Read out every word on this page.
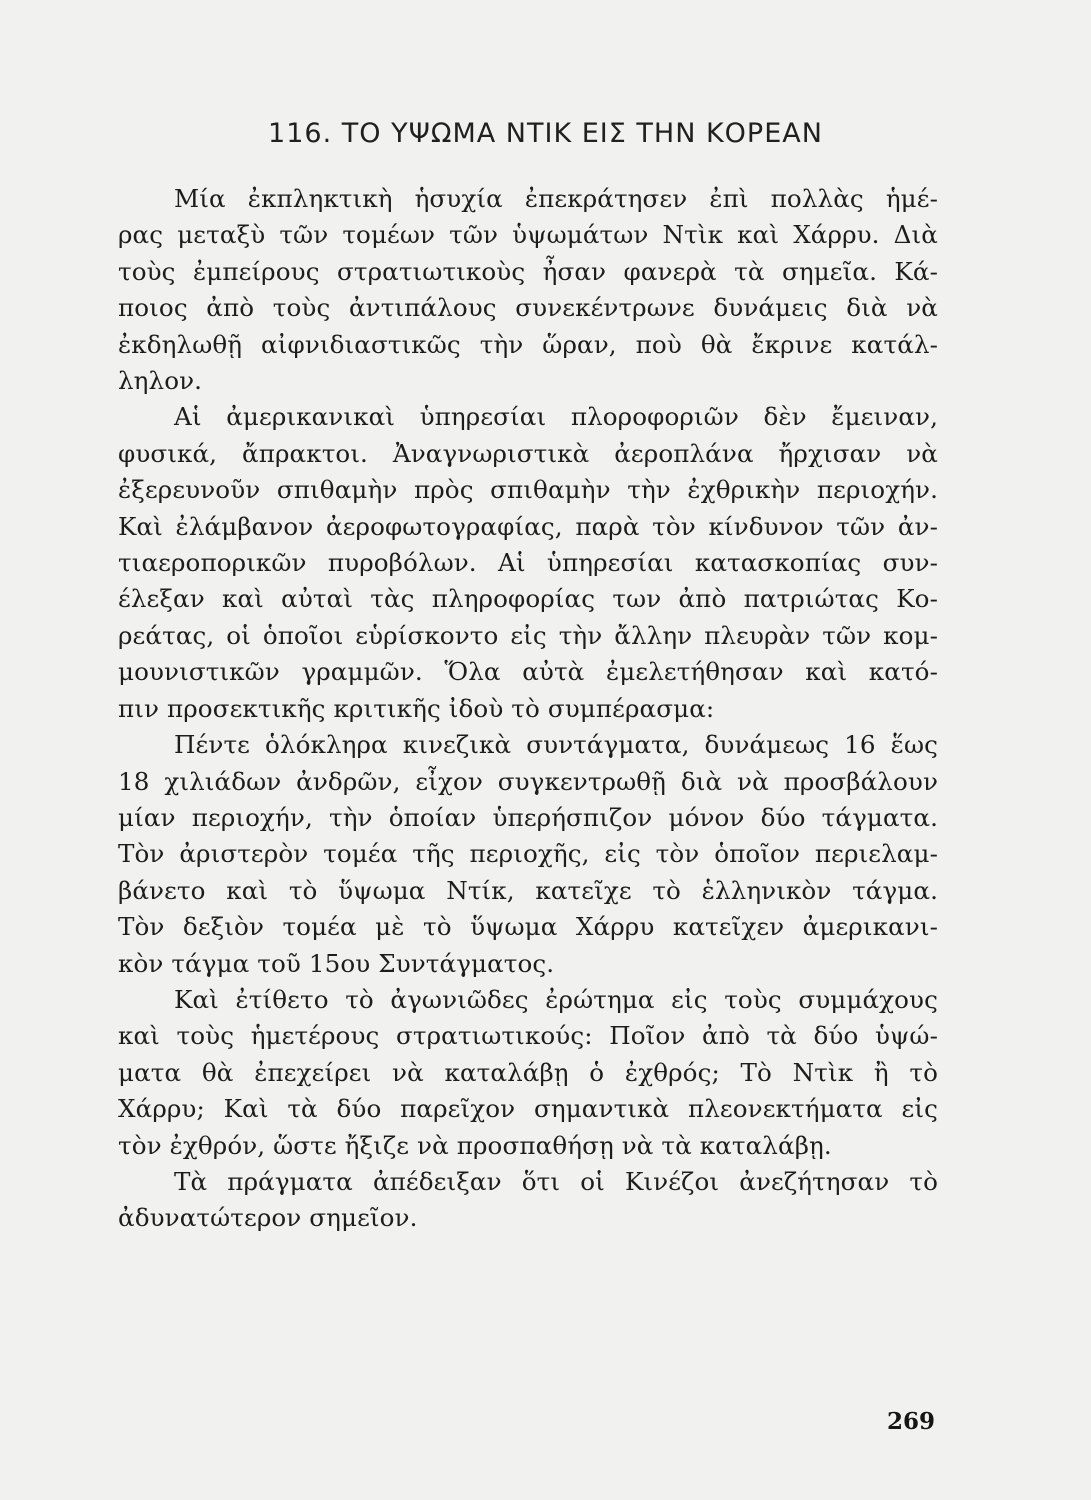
116. ΤΟ ΥΨΩΜΑ ΝΤΙΚ ΕΙΣ ΤΗΝ ΚΟΡΕΑΝ
Μία ἐκπληκτικὴ ἡσυχία ἐπεκράτησεν ἐπὶ πολλὰς ἡμέ-
ρας μεταξὺ τῶν τομέων τῶν ὑψωμάτων Ντὶκ καὶ Χάρρυ. Διὰ
τοὺς ἐμπείρους στρατιωτικοὺς ἦσαν φανερὰ τὰ σημεῖα. Κά-
ποιος ἀπὸ τοὺς ἀντιπάλους συνεκέντρωνε δυνάμεις διὰ νὰ
ἐκδηλωθῇ αἰφνιδιαστικῶς τὴν ὥραν, ποὺ θὰ ἔκρινε κατάλ-
ληλον.
Αἱ ἀμερικανικαὶ ὑπηρεσίαι πλοροφοριῶν δὲν ἔμειναν,
φυσικά, ἄπρακτοι. Ἀναγνωριστικὰ ἀεροπλάνα ἤρχισαν νὰ
ἐξερευνοῦν σπιθαμὴν πρὸς σπιθαμὴν τὴν ἐχθρικὴν περιοχήν.
Καὶ ἐλάμβανον ἀεροφωτογραφίας, παρὰ τὸν κίνδυνον τῶν ἀν-
τιαεροπορικῶν πυροβόλων. Αἱ ὑπηρεσίαι κατασκοπίας συν-
έλεξαν καὶ αὐταὶ τὰς πληροφορίας των ἀπὸ πατριώτας Κο-
ρεάτας, οἱ ὁποῖοι εὑρίσκοντο εἰς τὴν ἄλλην πλευρὰν τῶν κομ-
μουνιστικῶν γραμμῶν. Ὅλα αὐτὰ ἐμελετήθησαν καὶ κατό-
πιν προσεκτικῆς κριτικῆς ἰδοὺ τὸ συμπέρασμα:
Πέντε ὁλόκληρα κινεζικὰ συντάγματα, δυνάμεως 16 ἕως
18 χιλιάδων ἀνδρῶν, εἶχον συγκεντρωθῇ διὰ νὰ προσβάλουν
μίαν περιοχήν, τὴν ὁποίαν ὑπερήσπιζον μόνον δύο τάγματα.
Τὸν ἀριστερὸν τομέα τῆς περιοχῆς, εἰς τὸν ὁποῖον περιελαμ-
βάνετο καὶ τὸ ὕψωμα Ντίκ, κατεῖχε τὸ ἑλληνικὸν τάγμα.
Τὸν δεξιὸν τομέα μὲ τὸ ὕψωμα Χάρρυ κατεῖχεν ἀμερικανι-
κὸν τάγμα τοῦ 15ου Συντάγματος.
Καὶ ἐτίθετο τὸ ἀγωνιῶδες ἐρώτημα εἰς τοὺς συμμάχους
καὶ τοὺς ἡμετέρους στρατιωτικούς: Ποῖον ἀπὸ τὰ δύο ὑψώ-
ματα θὰ ἐπεχείρει νὰ καταλάβῃ ὁ ἐχθρός; Τὸ Ντὶκ ἢ τὸ
Χάρρυ; Καὶ τὰ δύο παρεῖχον σημαντικὰ πλεονεκτήματα εἰς
τὸν ἐχθρόν, ὥστε ἤξιζε νὰ προσπαθήσῃ νὰ τὰ καταλάβῃ.
Τὰ πράγματα ἀπέδειξαν ὅτι οἱ Κινέζοι ἀνεζήτησαν τὸ
ἀδυνατώτερον σημεῖον.
269
